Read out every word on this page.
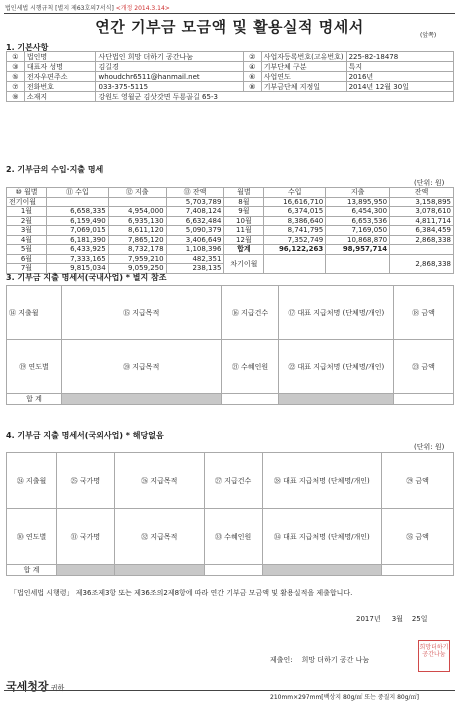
법인세법 시행규칙 [별지 제63호의7서식] <개정 2014.3.14>
연간 기부금 모금액 및 활용실적 명세서	(앞쪽)
1. 기본사항
①	법인명	사단법인 희망 더하기 공간나눔	②	사업자등록번호(고유번호)	225-82-18478
③	대표자 성명	김길경	④	기부단체 구분	특지
⑤	전자우편주소	whoudchr6511@hanmail.net	⑥	사업연도	2016년
⑦	전화번호	033-375-5115	⑧	기부금단체 지정일	2014년 12월 30일
⑨	소재지	강원도 영월군 김삿갓면 두룡골길 65-3			
2. 기부금의 수입·지출 명세
(단위: 원)
⑩ 월별	⑪ 수입	⑫ 지출	⑬ 잔액	월별	수입	지출	잔액
전기이월			5,703,789	8월	16,616,710	13,895,950	3,158,895
1월	6,658,335	4,954,000	7,408,124	9월	6,374,015	6,454,300	3,078,610
2월	6,159,490	6,935,130	6,632,484	10월	8,386,640	6,653,536	4,811,714
3월	7,069,015	8,611,120	5,090,379	11월	8,741,795	7,169,050	6,384,459
4월	6,181,390	7,865,120	3,406,649	12월	7,352,749	10,868,870	2,868,338
5월	6,433,925	8,732,178	1,108,396	합계	96,122,263	98,957,714	
6월	7,333,165	7,959,210	482,351	차기이월			2,868,338
7월	9,815,034	9,059,250	238,135				
3. 기부금 지출 명세서(국내사업) * 별지 참조
⑭ 지출월	⑮ 지급목적	⑯ 지급건수	⑰ 대표 지급처명 (단체명/개인)	⑱ 금액
⑲ 연도별	⑳ 지급목적	㉑ 수혜인원	㉒ 대표 지급처명 (단체명/개인)	㉓ 금액
합 계				
4. 기부금 지출 명세서(국외사업) * 해당없음
(단위: 원)
㉔ 지출월	㉕ 국가명	㉖ 지급목적	㉗ 지급건수	㉘ 대표 지급처명 (단체명/개인)	㉙ 금액
㉚ 연도별	㉛ 국가명	㉜ 지급목적	㉝ 수혜인원	㉞ 대표 지급처명 (단체명/개인)	㉟ 금액
합 계					
「법인세법 시행령」 제36조제3항 또는 제36조의2제8항에 따라 연간 기부금 모금액 및 활용실적을 제출합니다.
2017년 3월 25일
제출인: 희망 더하기 공간 나눔
희망더하기공간나눔
국세청장 귀하
210mm×297mm[백상지 80g/㎡ 또는 중질지 80g/㎡]
